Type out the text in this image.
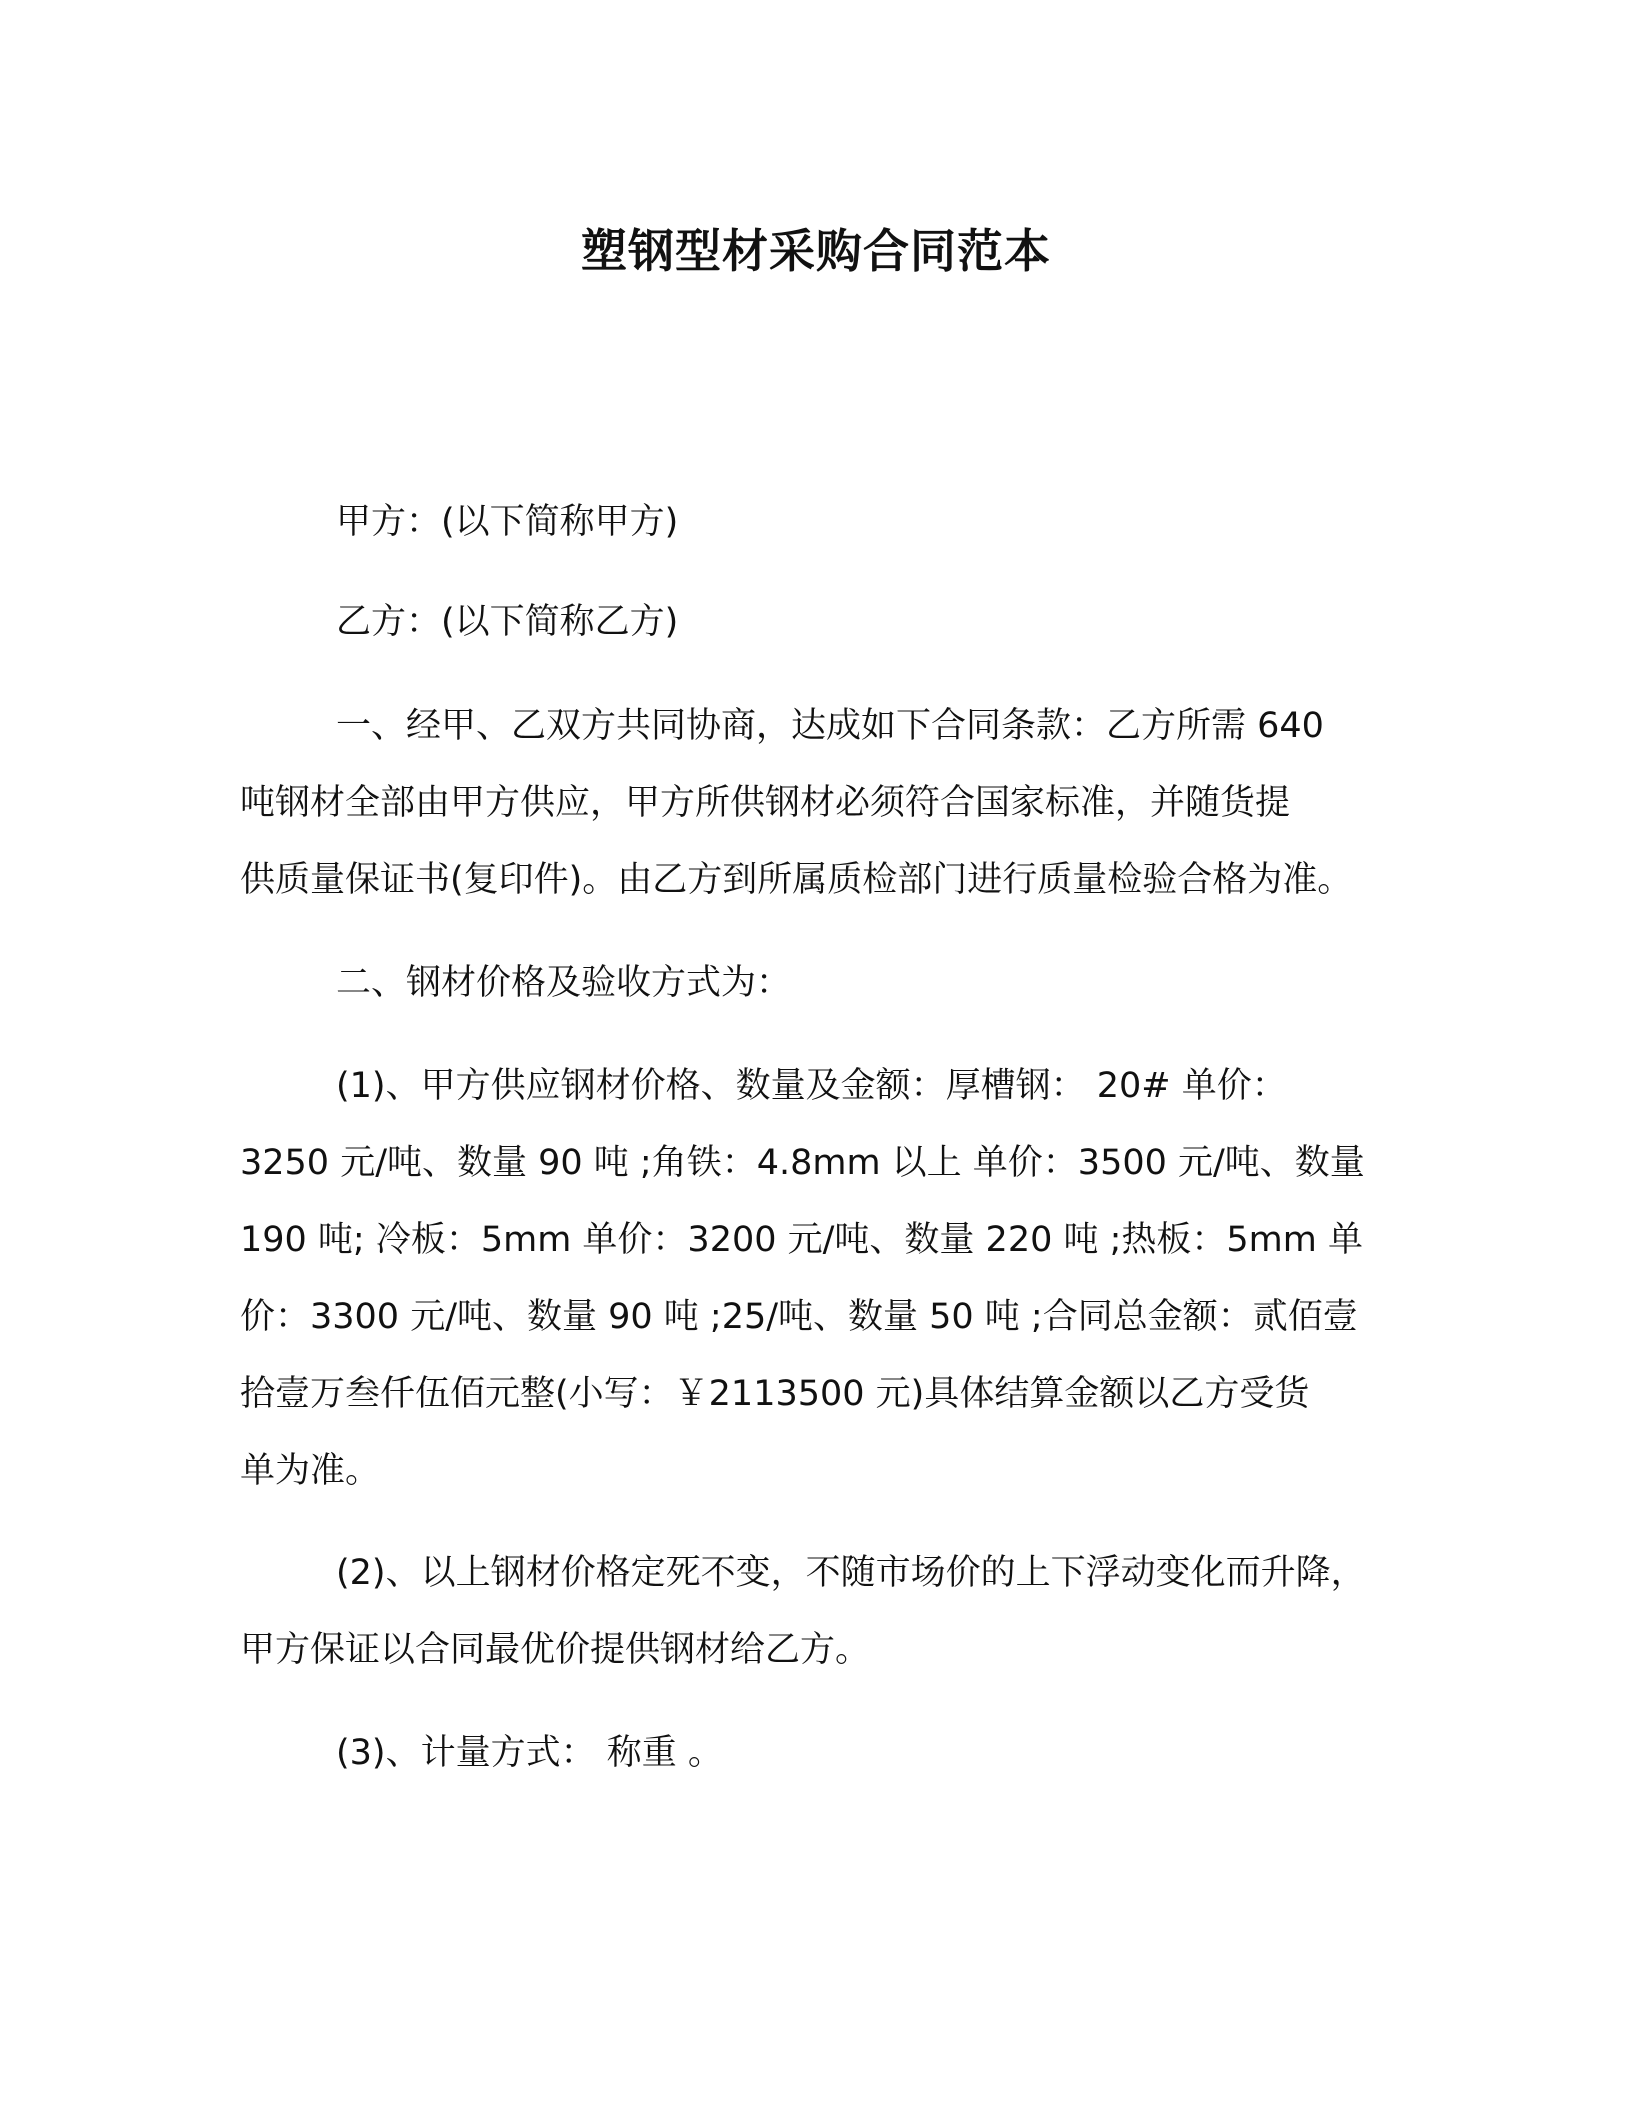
塑钢型材采购合同范本
甲方：(以下简称甲方)
乙方：(以下简称乙方)
一、经甲、乙双方共同协商，达成如下合同条款：乙方所需 640
吨钢材全部由甲方供应，甲方所供钢材必须符合国家标准，并随货提
供质量保证书(复印件)。由乙方到所属质检部门进行质量检验合格为准。
二、钢材价格及验收方式为：
(1)、甲方供应钢材价格、数量及金额：厚槽钢： 20# 单价：
3250 元/吨、数量 90 吨 ;角铁：4.8mm 以上 单价：3500 元/吨、数量
190 吨; 冷板：5mm 单价：3200 元/吨、数量 220 吨 ;热板：5mm 单
价：3300 元/吨、数量 90 吨 ;25/吨、数量 50 吨 ;合同总金额：贰佰壹
拾壹万叁仟伍佰元整(小写：￥2113500 元)具体结算金额以乙方受货
单为准。
(2)、以上钢材价格定死不变，不随市场价的上下浮动变化而升降，
甲方保证以合同最优价提供钢材给乙方。
(3)、计量方式： 称重 。
